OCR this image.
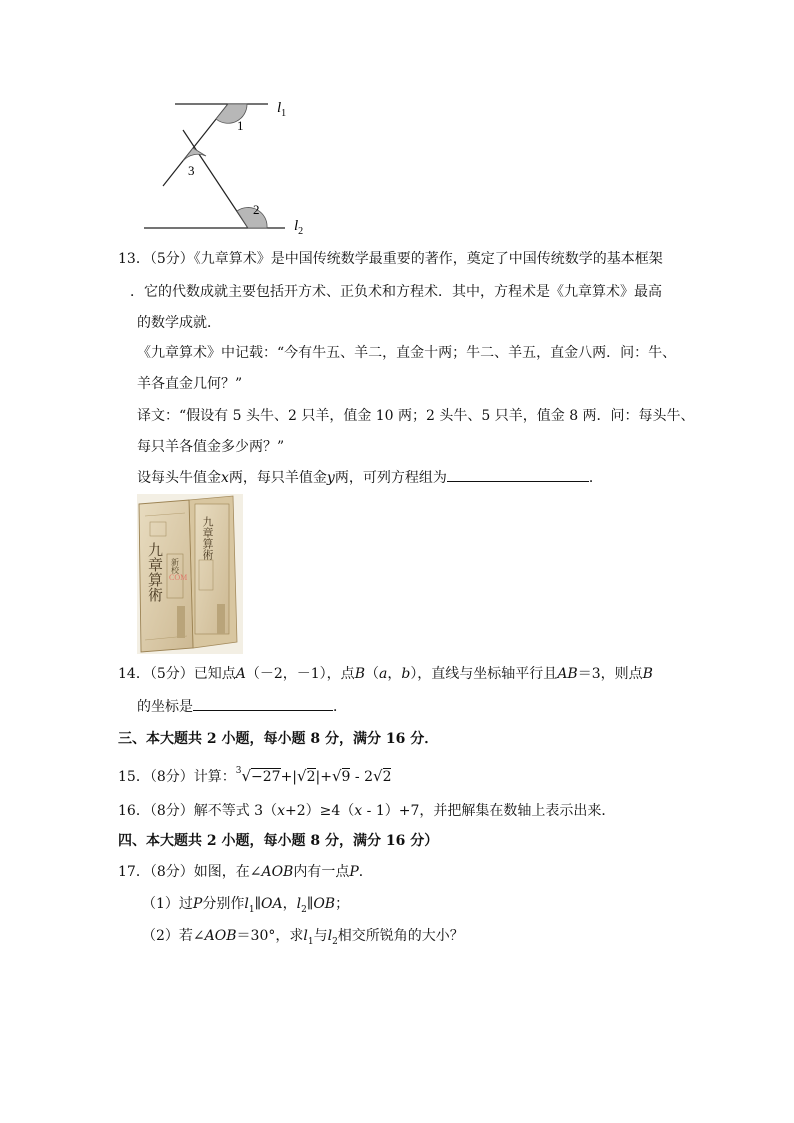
1
2
3
$l_1$
$l_2$
13．（5分）《九章算术》是中国传统数学最重要的著作，奠定了中国传统数学的基本框架
．它的代数成就主要包括开方术、正负术和方程术．其中，方程术是《九章算术》最高
的数学成就．
《九章算术》中记载：“今有牛五、羊二，直金十两；牛二、羊五，直金八两．问：牛、
羊各直金几何？”
译文：“假设有 5 头牛、2 只羊，值金 10 两；2 头牛、5 只羊，值金 8 两．问：每头牛、
每只羊各值金多少两？”
设每头牛值金x两，每只羊值金y两，可列方程组为	．
九章算術
九章算術
新校
COM
14．（5分）已知点A（－2，－1），点B（a，b），直线与坐标轴平行且AB＝3，则点B
的坐标是	．
三、本大题共 2 小题，每小题 8 分，满分 16 分．
15．（8分）计算：$^3$√−27+|√2|+√9 - 2√2
16．（8分）解不等式 3（x+2）≥4（x - 1）+7，并把解集在数轴上表示出来．
四、本大题共 2 小题，每小题 8 分，满分 16 分）
17．（8分）如图，在∠AOB内有一点P．
（1）过P分别作$l_1\parallel OA$，$l_2\parallel OB$；
（2）若∠AOB＝30°，求$l_1$与$l_2$相交所锐角的大小？
